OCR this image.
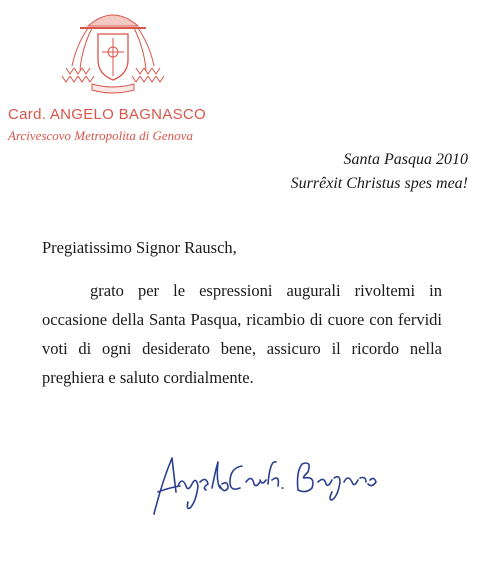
Card. ANGELO BAGNASCO
Arcivescovo Metropolita di Genova
Santa Pasqua 2010
Surrêxit Christus spes mea!
Pregiatissimo Signor Rausch,

grato per le espressioni augurali rivoltemi in occasione della Santa Pasqua, ricambio di cuore con fervidi voti di ogni desiderato bene, assicuro il ricordo nella preghiera e saluto cordialmente.
